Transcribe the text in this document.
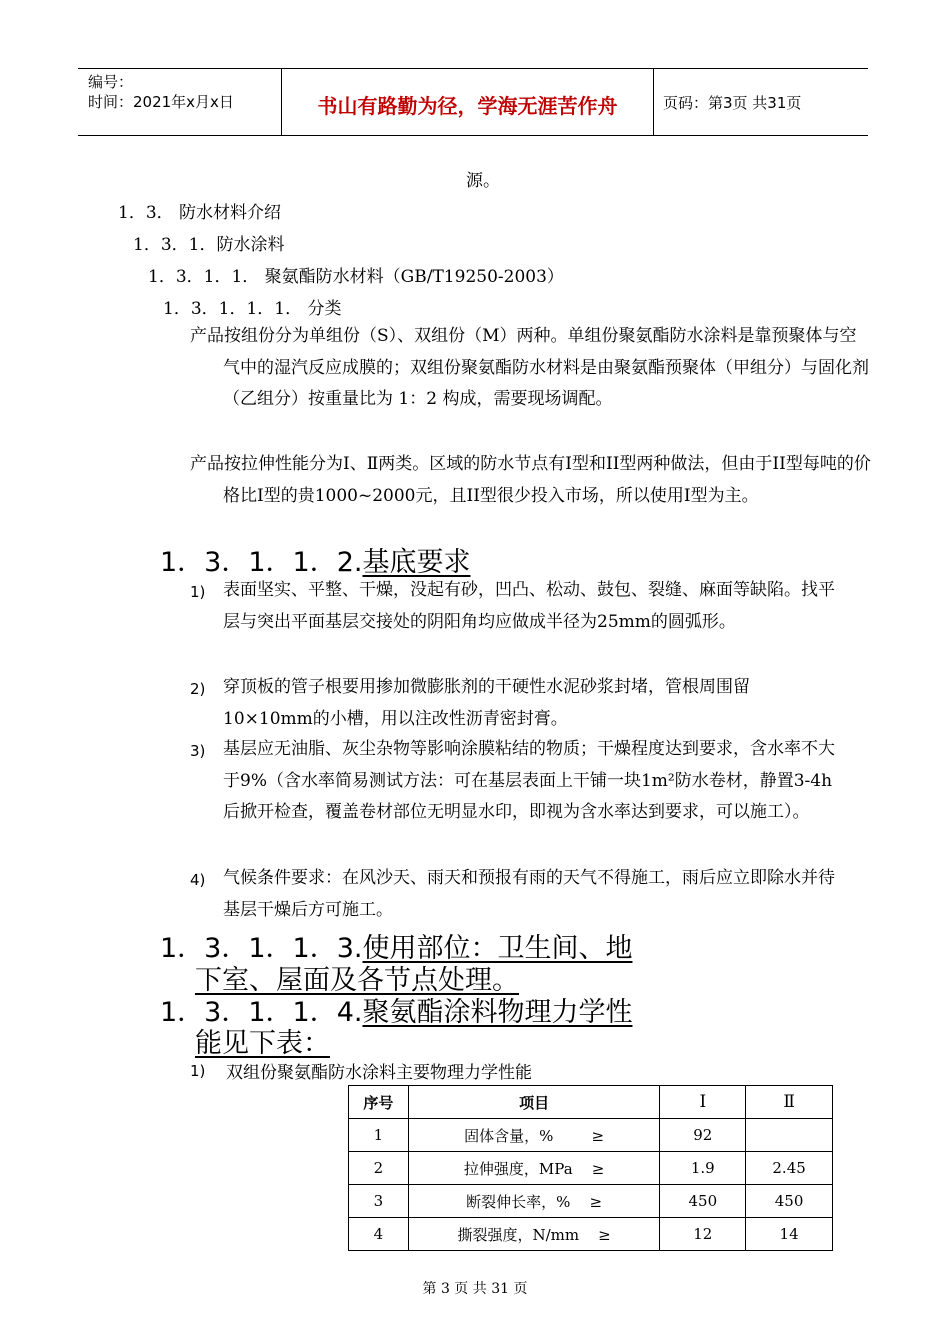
编号：
时间：2021年x月x日	书山有路勤为径，学海无涯苦作舟	页码：第3页 共31页
源。
1．3． 防水材料介绍
1．3．1．防水涂料
1．3．1．1． 聚氨酯防水材料（GB/T19250-2003）
1．3．1．1．1． 分类
产品按组份分为单组份（S）、双组份（M）两种。单组份聚氨酯防水涂料是靠预聚体与空气中的湿汽反应成膜的；双组份聚氨酯防水材料是由聚氨酯预聚体（甲组分）与固化剂（乙组分）按重量比为 1：2 构成，需要现场调配。
产品按拉伸性能分为Ⅰ、Ⅱ两类。区域的防水节点有I型和II型两种做法，但由于II型每吨的价格比I型的贵1000~2000元，且II型很少投入市场，所以使用I型为主。
1．3．1．1．2.基底要求
1) 表面坚实、平整、干燥，没起有砂，凹凸、松动、鼓包、裂缝、麻面等缺陷。找平层与突出平面基层交接处的阴阳角均应做成半径为25mm的圆弧形。
2) 穿顶板的管子根要用掺加微膨胀剂的干硬性水泥砂浆封堵，管根周围留10×10mm的小槽，用以注改性沥青密封膏。
3) 基层应无油脂、灰尘杂物等影响涂膜粘结的物质；干燥程度达到要求，含水率不大于9%（含水率简易测试方法：可在基层表面上干铺一块1m²防水卷材，静置3-4h后掀开检查，覆盖卷材部位无明显水印，即视为含水率达到要求，可以施工）。
4) 气候条件要求：在风沙天、雨天和预报有雨的天气不得施工，雨后应立即除水并待基层干燥后方可施工。
1．3．1．1．3.使用部位：卫生间、地
下室、屋面及各节点处理。
1．3．1．1．4.聚氨酯涂料物理力学性
能见下表：
1) 双组份聚氨酯防水涂料主要物理力学性能
序号	项目	I	Ⅱ
1	固体含量，%        ≥	92	
2	拉伸强度，MPa    ≥	1.9	2.45
3	断裂伸长率，%    ≥	450	450
4	撕裂强度，N/mm    ≥	12	14
第 3 页 共 31 页
